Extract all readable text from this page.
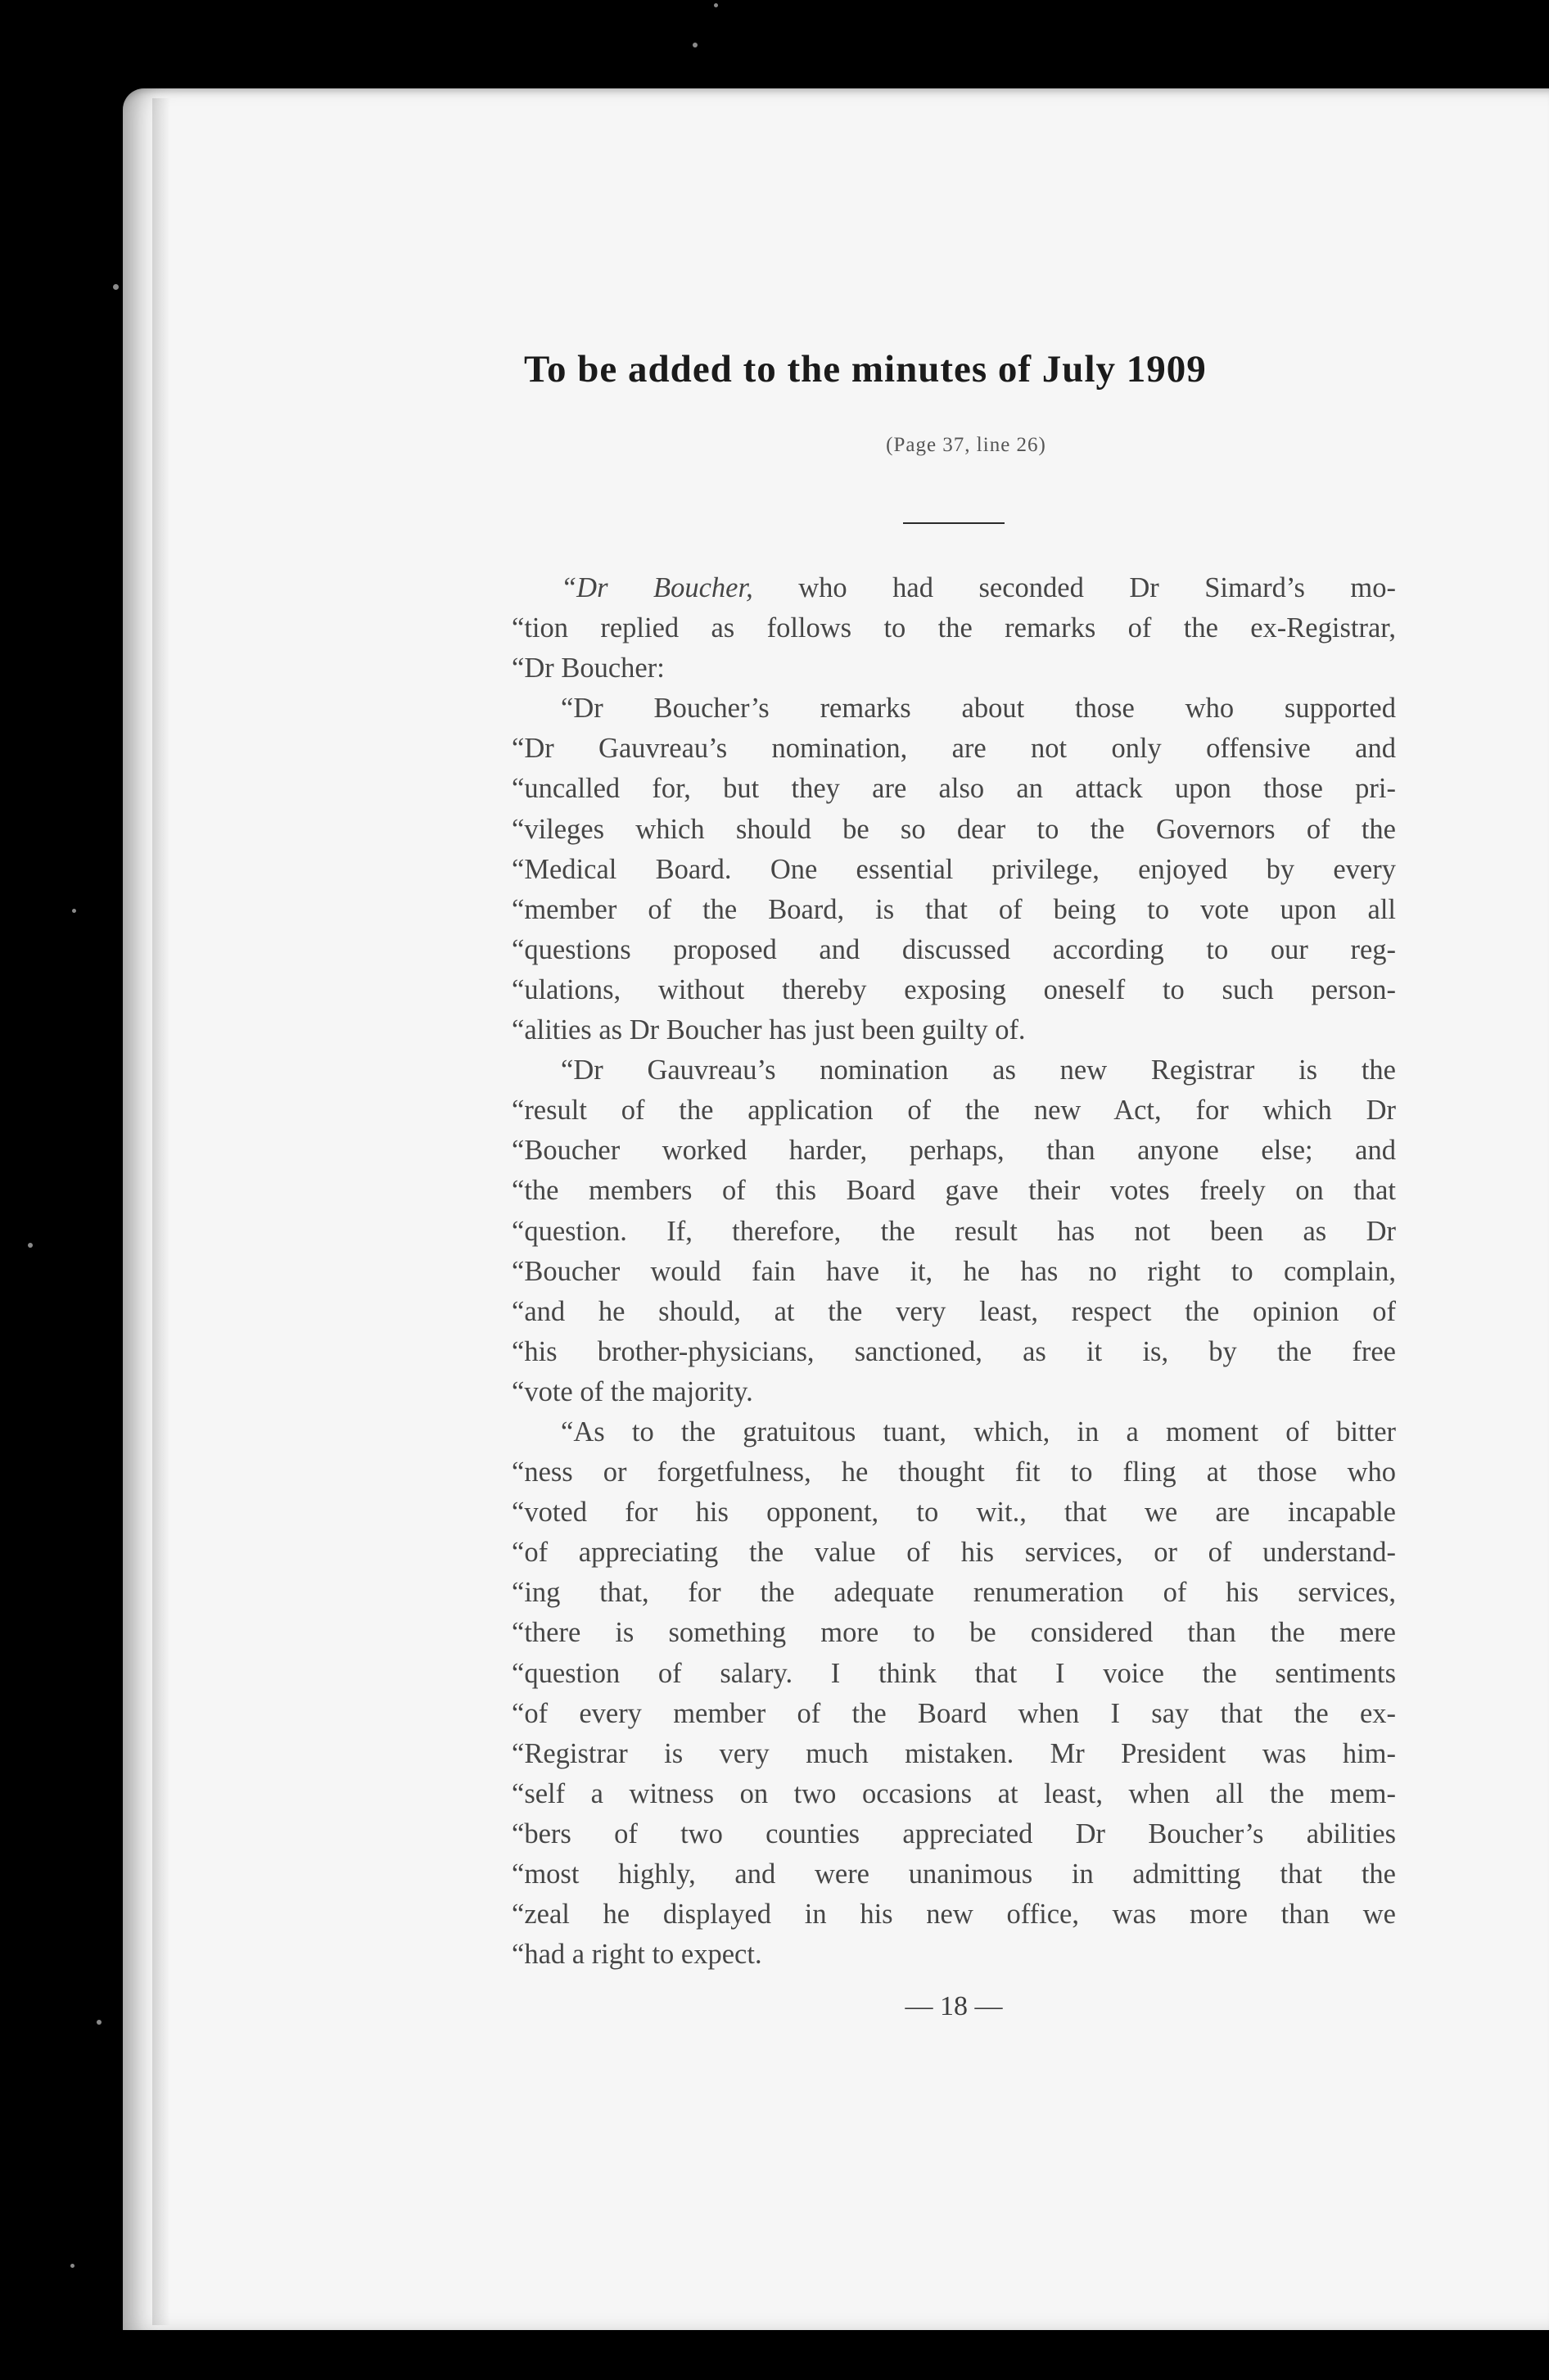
To be added to the minutes of July 1909

(Page 37, line 26)

“Dr Boucher, who had seconded Dr Simard’s mo-
“tion replied as follows to the remarks of the ex-Registrar,
“Dr Boucher:
“Dr Boucher’s remarks about those who supported
“Dr Gauvreau’s nomination, are not only offensive and
“uncalled for, but they are also an attack upon those pri-
“vileges which should be so dear to the Governors of the
“Medical Board. One essential privilege, enjoyed by every
“member of the Board, is that of being to vote upon all
“questions proposed and discussed according to our reg-
“ulations, without thereby exposing oneself to such person-
“alities as Dr Boucher has just been guilty of.
“Dr Gauvreau’s nomination as new Registrar is the
“result of the application of the new Act, for which Dr
“Boucher worked harder, perhaps, than anyone else; and
“the members of this Board gave their votes freely on that
“question. If, therefore, the result has not been as Dr
“Boucher would fain have it, he has no right to complain,
“and he should, at the very least, respect the opinion of
“his brother-physicians, sanctioned, as it is, by the free
“vote of the majority.
“As to the gratuitous tuant, which, in a moment of bitter
“ness or forgetfulness, he thought fit to fling at those who
“voted for his opponent, to wit., that we are incapable
“of appreciating the value of his services, or of understand-
“ing that, for the adequate renumeration of his services,
“there is something more to be considered than the mere
“question of salary. I think that I voice the sentiments
“of every member of the Board when I say that the ex-
“Registrar is very much mistaken. Mr President was him-
“self a witness on two occasions at least, when all the mem-
“bers of two counties appreciated Dr Boucher’s abilities
“most highly, and were unanimous in admitting that the
“zeal he displayed in his new office, was more than we
“had a right to expect.

— 18 —
